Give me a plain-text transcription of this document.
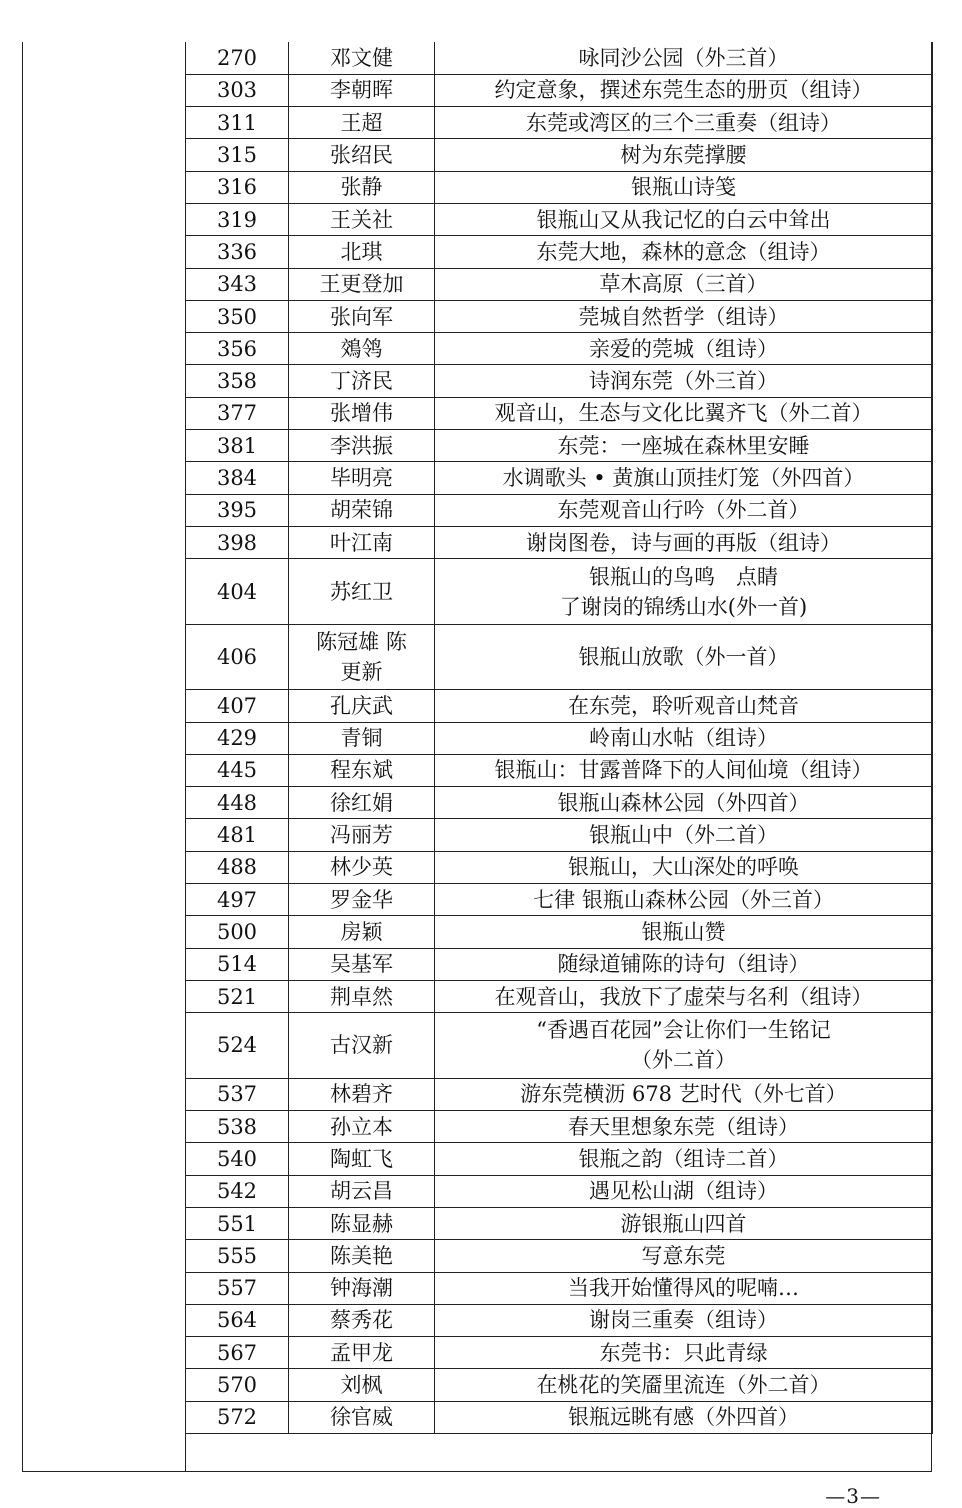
270	邓文健	咏同沙公园（外三首）
303	李朝晖	约定意象，撰述东莞生态的册页（组诗）
311	王超	东莞或湾区的三个三重奏（组诗）
315	张绍民	树为东莞撑腰
316	张静	银瓶山诗笺
319	王关社	银瓶山又从我记忆的白云中耸出
336	北琪	东莞大地，森林的意念（组诗）
343	王更登加	草木高原（三首）
350	张向军	莞城自然哲学（组诗）
356	鵁鸰	亲爱的莞城（组诗）
358	丁济民	诗润东莞（外三首）
377	张增伟	观音山，生态与文化比翼齐飞（外二首）
381	李洪振	东莞：一座城在森林里安睡
384	毕明亮	水调歌头 • 黄旗山顶挂灯笼（外四首）
395	胡荣锦	东莞观音山行吟（外二首）
398	叶江南	谢岗图卷，诗与画的再版（组诗）
404	苏红卫	银瓶山的鸟鸣　点睛
了谢岗的锦绣山水(外一首)
406	陈冠雄 陈
更新	银瓶山放歌（外一首）
407	孔庆武	在东莞，聆听观音山梵音
429	青铜	岭南山水帖（组诗）
445	程东斌	银瓶山：甘露普降下的人间仙境（组诗）
448	徐红娟	银瓶山森林公园（外四首）
481	冯丽芳	银瓶山中（外二首）
488	林少英	银瓶山，大山深处的呼唤
497	罗金华	七律 银瓶山森林公园（外三首）
500	房颖	银瓶山赞
514	吴基军	随绿道铺陈的诗句（组诗）
521	荆卓然	在观音山，我放下了虚荣与名利（组诗）
524	古汉新	“香遇百花园”会让你们一生铭记
（外二首）
537	林碧齐	游东莞横沥 678 艺时代（外七首）
538	孙立本	春天里想象东莞（组诗）
540	陶虹飞	银瓶之韵（组诗二首）
542	胡云昌	遇见松山湖（组诗）
551	陈显赫	游银瓶山四首
555	陈美艳	写意东莞
557	钟海潮	当我开始懂得风的呢喃…
564	蔡秀花	谢岗三重奏（组诗）
567	孟甲龙	东莞书：只此青绿
570	刘枫	在桃花的笑靥里流连（外二首）
572	徐官威	银瓶远眺有感（外四首）
—3—
